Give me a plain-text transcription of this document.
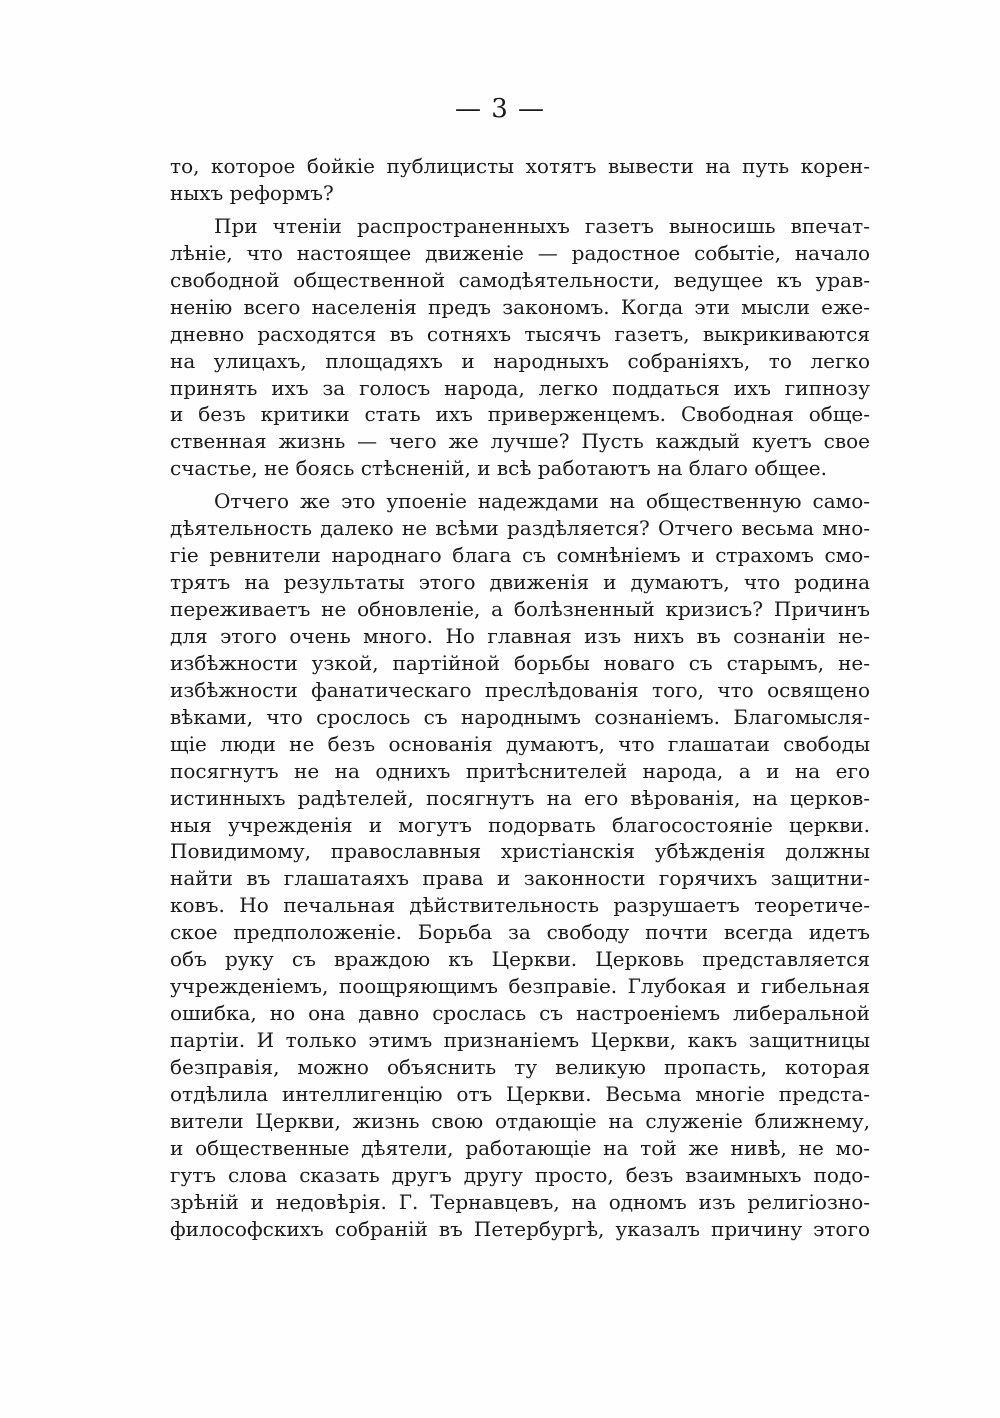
— 3 —
то, которое бойкіе публицисты хотятъ вывести на путь корен-
ныхъ реформъ?
При чтеніи распространенныхъ газетъ выносишь впечат-
лѣніе, что настоящее движеніе — радостное событіе, начало
свободной общественной самодѣятельности, ведущее къ урав-
ненію всего населенія предъ закономъ. Когда эти мысли еже-
дневно расходятся въ сотняхъ тысячъ газетъ, выкрикиваются
на улицахъ, площадяхъ и народныхъ собраніяхъ, то легко
принять ихъ за голосъ народа, легко поддаться ихъ гипнозу
и безъ критики стать ихъ приверженцемъ. Свободная обще-
ственная жизнь — чего же лучше? Пусть каждый куетъ свое
счастье, не боясь стѣсненій, и всѣ работаютъ на благо общее.
Отчего же это упоеніе надеждами на общественную само-
дѣятельность далеко не всѣми раздѣляется? Отчего весьма мно-
гіе ревнители народнаго блага съ сомнѣніемъ и страхомъ смо-
трятъ на результаты этого движенія и думаютъ, что родина
переживаетъ не обновленіе, а болѣзненный кризисъ? Причинъ
для этого очень много. Но главная изъ нихъ въ сознаніи не-
избѣжности узкой, партійной борьбы новаго съ старымъ, не-
избѣжности фанатическаго преслѣдованія того, что освящено
вѣками, что срослось съ народнымъ сознаніемъ. Благомысля-
щіе люди не безъ основанія думаютъ, что глашатаи свободы
посягнутъ не на однихъ притѣснителей народа, а и на его
истинныхъ радѣтелей, посягнутъ на его вѣрованія, на церков-
ныя учрежденія и могутъ подорвать благосостояніе церкви.
Повидимому, православныя христіанскія убѣжденія должны
найти въ глашатаяхъ права и законности горячихъ защитни-
ковъ. Но печальная дѣйствительность разрушаетъ теоретиче-
ское предположеніе. Борьба за свободу почти всегда идетъ
объ руку съ враждою къ Церкви. Церковь представляется
учрежденіемъ, поощряющимъ безправіе. Глубокая и гибельная
ошибка, но она давно срослась съ настроеніемъ либеральной
партіи. И только этимъ признаніемъ Церкви, какъ защитницы
безправія, можно объяснить ту великую пропасть, которая
отдѣлила интеллигенцію отъ Церкви. Весьма многіе предста-
вители Церкви, жизнь свою отдающіе на служеніе ближнему,
и общественные дѣятели, работающіе на той же нивѣ, не мо-
гутъ слова сказать другъ другу просто, безъ взаимныхъ подо-
зрѣній и недовѣрія. Г. Тернавцевъ, на одномъ изъ религіозно-
философскихъ собраній въ Петербургѣ, указалъ причину этого
